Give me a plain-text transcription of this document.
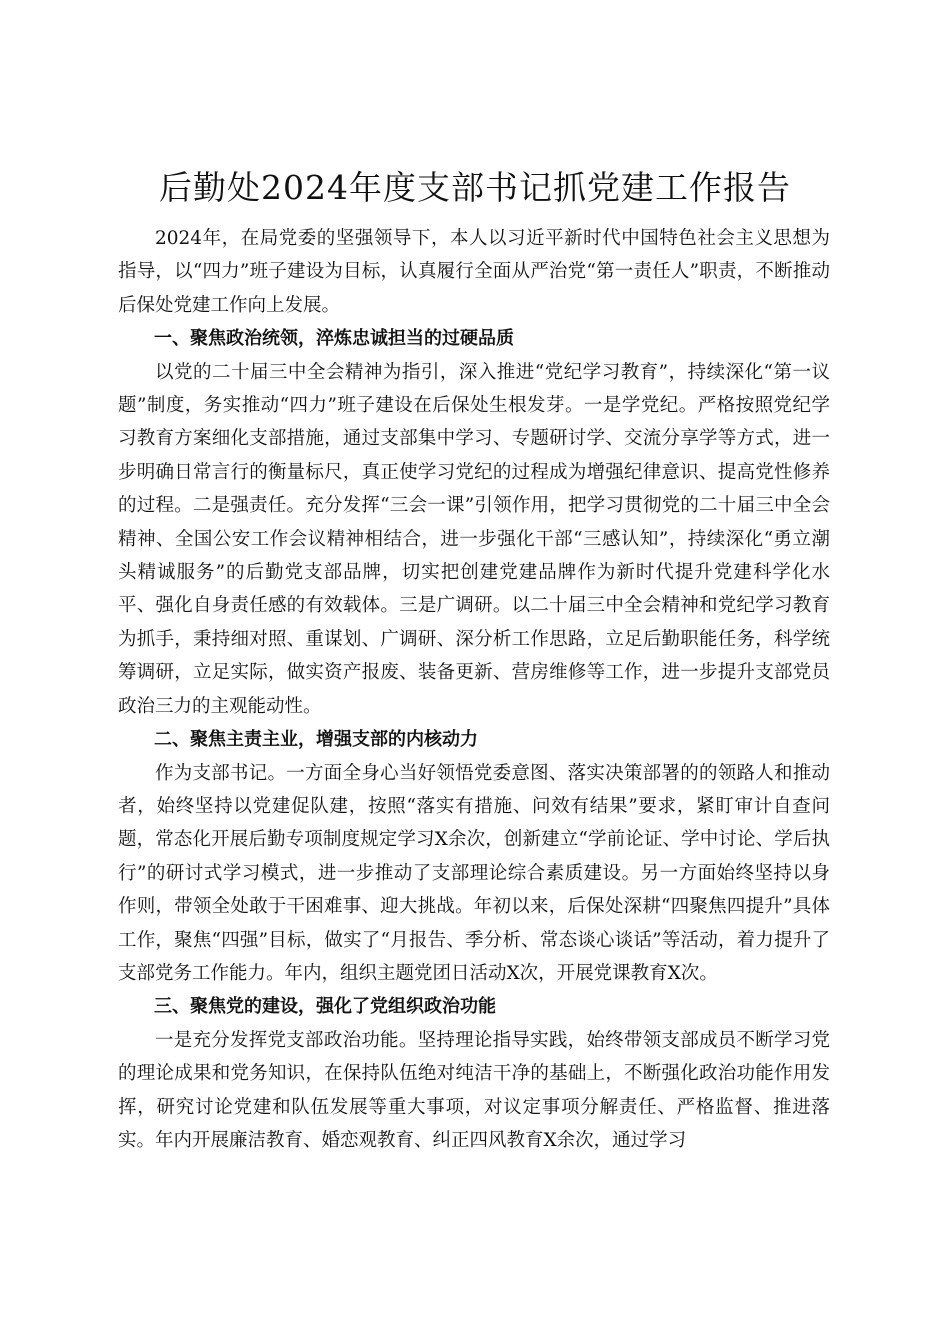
后勤处2024年度支部书记抓党建工作报告

2024年，在局党委的坚强领导下，本人以习近平新时代中国特色社会主义思想为指导，以“四力”班子建设为目标，认真履行全面从严治党“第一责任人”职责，不断推动后保处党建工作向上发展。

一、聚焦政治统领，淬炼忠诚担当的过硬品质

以党的二十届三中全会精神为指引，深入推进“党纪学习教育”，持续深化“第一议题”制度，务实推动“四力”班子建设在后保处生根发芽。一是学党纪。严格按照党纪学习教育方案细化支部措施，通过支部集中学习、专题研讨学、交流分享学等方式，进一步明确日常言行的衡量标尺，真正使学习党纪的过程成为增强纪律意识、提高党性修养的过程。二是强责任。充分发挥“三会一课”引领作用，把学习贯彻党的二十届三中全会精神、全国公安工作会议精神相结合，进一步强化干部“三感认知”，持续深化“勇立潮头精诚服务”的后勤党支部品牌，切实把创建党建品牌作为新时代提升党建科学化水平、强化自身责任感的有效载体。三是广调研。以二十届三中全会精神和党纪学习教育为抓手，秉持细对照、重谋划、广调研、深分析工作思路，立足后勤职能任务，科学统筹调研，立足实际，做实资产报废、装备更新、营房维修等工作，进一步提升支部党员政治三力的主观能动性。

二、聚焦主责主业，增强支部的内核动力

作为支部书记。一方面全身心当好领悟党委意图、落实决策部署的的领路人和推动者，始终坚持以党建促队建，按照“落实有措施、问效有结果”要求，紧盯审计自查问题，常态化开展后勤专项制度规定学习X余次，创新建立“学前论证、学中讨论、学后执行”的研讨式学习模式，进一步推动了支部理论综合素质建设。另一方面始终坚持以身作则，带领全处敢于干困难事、迎大挑战。年初以来，后保处深耕“四聚焦四提升”具体工作，聚焦“四强”目标，做实了“月报告、季分析、常态谈心谈话”等活动，着力提升了支部党务工作能力。年内，组织主题党团日活动X次，开展党课教育X次。

三、聚焦党的建设，强化了党组织政治功能

一是充分发挥党支部政治功能。坚持理论指导实践，始终带领支部成员不断学习党的理论成果和党务知识，在保持队伍绝对纯洁干净的基础上，不断强化政治功能作用发挥，研究讨论党建和队伍发展等重大事项，对议定事项分解责任、严格监督、推进落实。年内开展廉洁教育、婚恋观教育、纠正四风教育X余次，通过学习
